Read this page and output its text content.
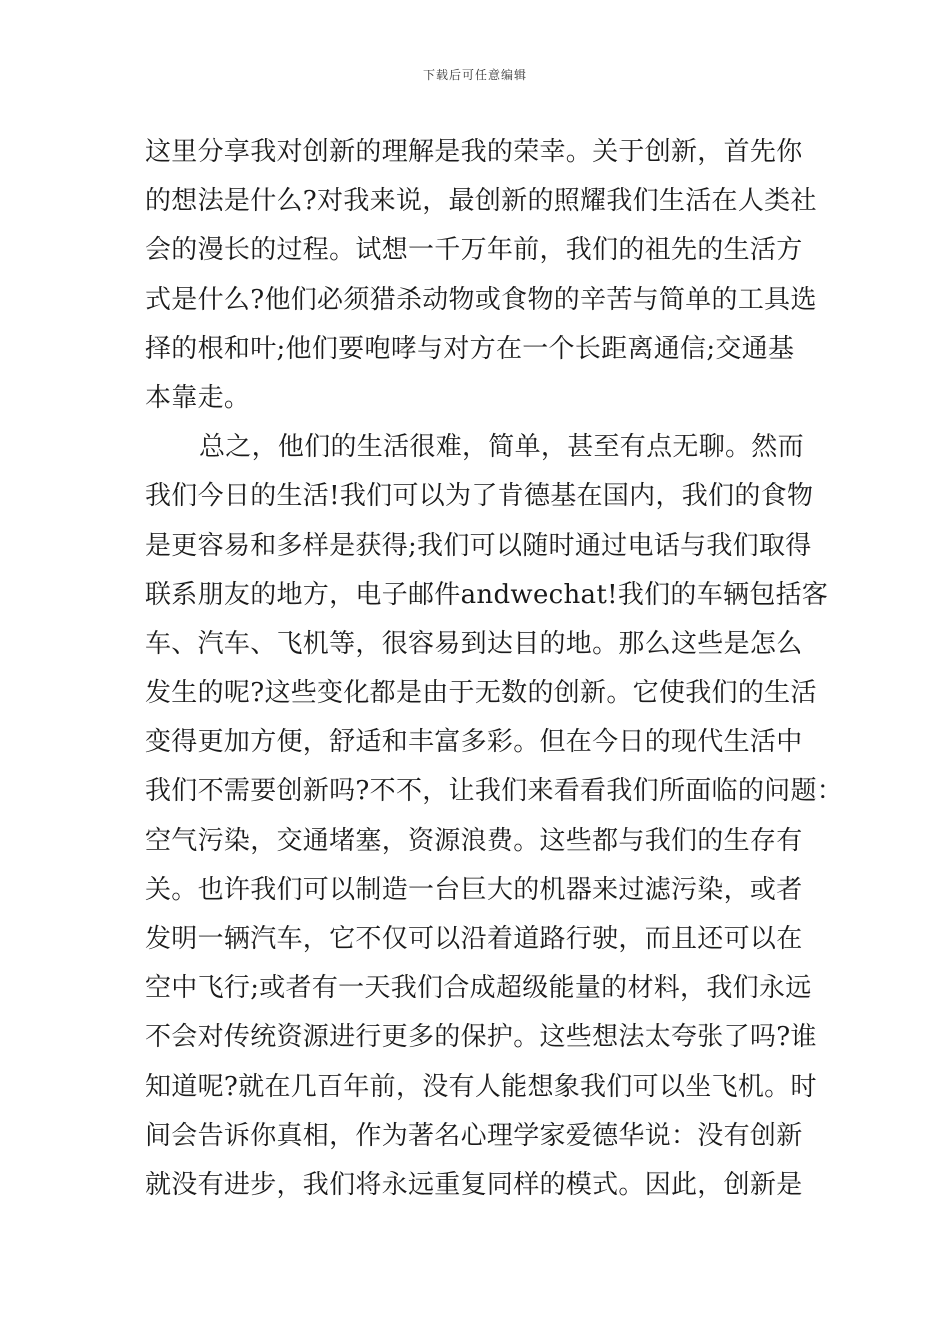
下载后可任意编辑
这里分享我对创新的理解是我的荣幸。关于创新，首先你
的想法是什么?对我来说，最创新的照耀我们生活在人类社
会的漫长的过程。试想一千万年前，我们的祖先的生活方
式是什么?他们必须猎杀动物或食物的辛苦与简单的工具选
择的根和叶;他们要咆哮与对方在一个长距离通信;交通基
本靠走。
总之，他们的生活很难，简单，甚至有点无聊。然而
我们今日的生活!我们可以为了肯德基在国内，我们的食物
是更容易和多样是获得;我们可以随时通过电话与我们取得
联系朋友的地方，电子邮件andwechat!我们的车辆包括客
车、汽车、飞机等，很容易到达目的地。那么这些是怎么
发生的呢?这些变化都是由于无数的创新。它使我们的生活
变得更加方便，舒适和丰富多彩。但在今日的现代生活中
我们不需要创新吗?不不，让我们来看看我们所面临的问题：
空气污染，交通堵塞，资源浪费。这些都与我们的生存有
关。也许我们可以制造一台巨大的机器来过滤污染，或者
发明一辆汽车，它不仅可以沿着道路行驶，而且还可以在
空中飞行;或者有一天我们合成超级能量的材料，我们永远
不会对传统资源进行更多的保护。这些想法太夸张了吗?谁
知道呢?就在几百年前，没有人能想象我们可以坐飞机。时
间会告诉你真相，作为著名心理学家爱德华说：没有创新
就没有进步，我们将永远重复同样的模式。因此，创新是
